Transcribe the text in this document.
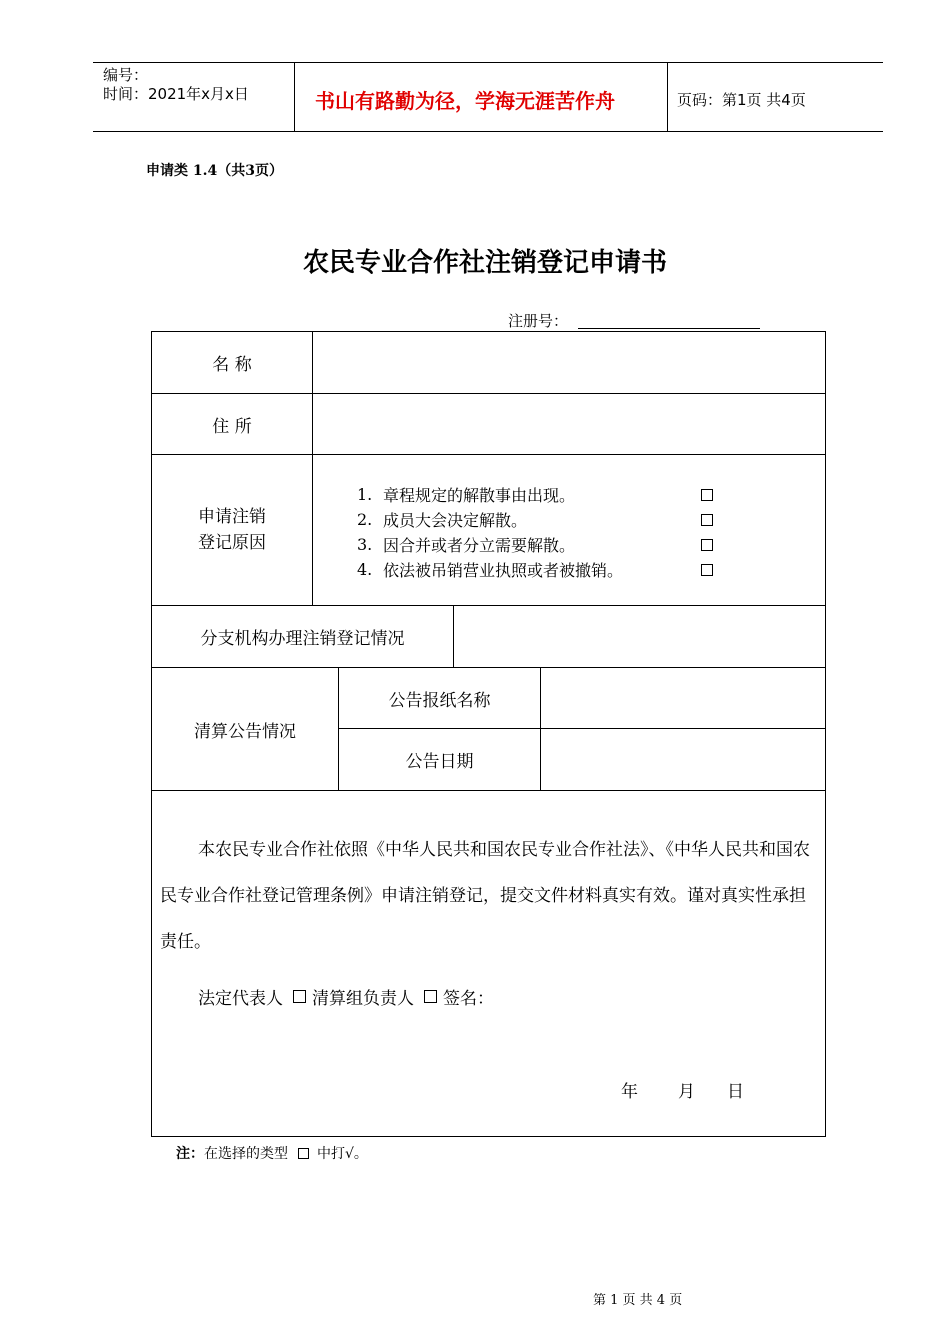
编号：
时间：2021年x月x日	书山有路勤为径，学海无涯苦作舟	页码：第1页 共4页
申请类 1.4（共3页）
农民专业合作社注销登记申请书
注册号：
名 称
住 所
申请注销
登记原因
1. 章程规定的解散事由出现。
2. 成员大会决定解散。
3. 因合并或者分立需要解散。
4. 依法被吊销营业执照或者被撤销。
分支机构办理注销登记情况
清算公告情况
公告报纸名称
公告日期
本农民专业合作社依照《中华人民共和国农民专业合作社法》、《中华人民共和国农民专业合作社登记管理条例》申请注销登记，提交文件材料真实有效。谨对真实性承担责任。
法定代表人 清算组负责人 签名：
年 月 日
注： 在选择的类型 中打√。
第 1 页 共 4 页
